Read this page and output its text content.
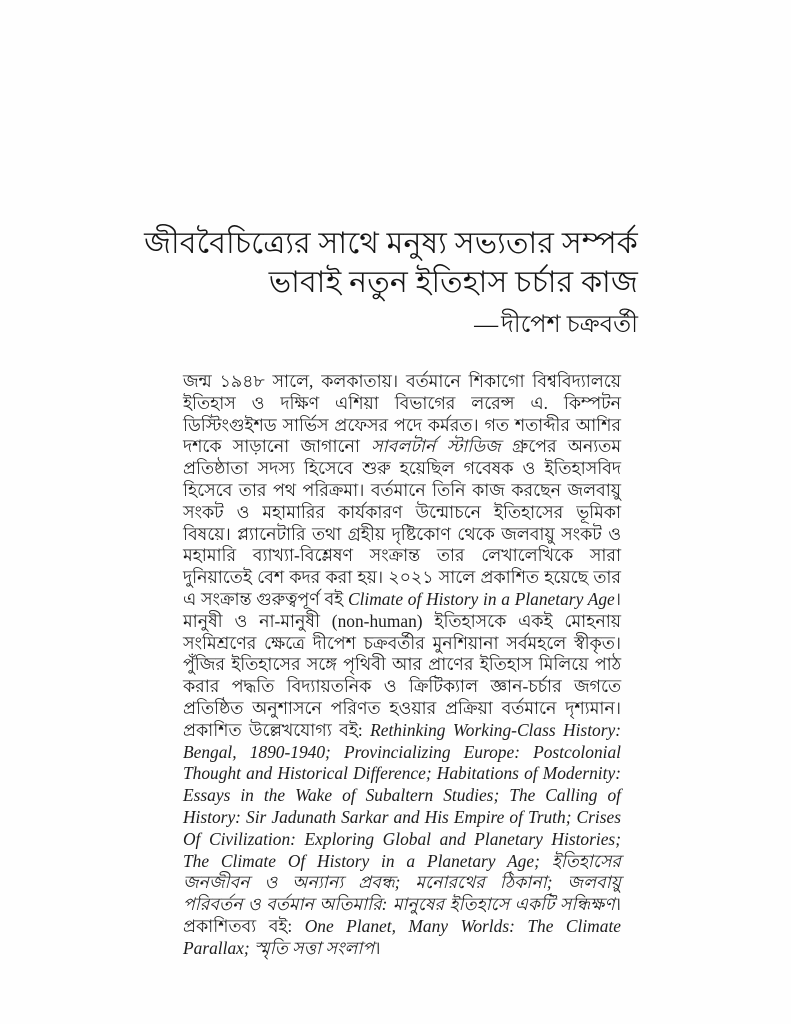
জীববৈচিত্র্যের সাথে মনুষ্য সভ্যতার সম্পর্ক
ভাবাই নতুন ইতিহাস চর্চার কাজ
— দীপেশ চক্রবর্তী
জন্ম ১৯৪৮ সালে, কলকাতায়। বর্তমানে শিকাগো বিশ্ববিদ্যালয়ে ইতিহাস ও দক্ষিণ এশিয়া বিভাগের লরেন্স এ. কিম্পটন ডিস্টিংগুইশড সার্ভিস প্রফেসর পদে কর্মরত। গত শতাব্দীর আশির দশকে সাড়ানো জাগানো সাবলটার্ন স্টাডিজ গ্রুপের অন্যতম প্রতিষ্ঠাতা সদস্য হিসেবে শুরু হয়েছিল গবেষক ও ইতিহাসবিদ হিসেবে তার পথ পরিক্রমা। বর্তমানে তিনি কাজ করছেন জলবায়ু সংকট ও মহামারির কার্যকারণ উন্মোচনে ইতিহাসের ভূমিকা বিষয়ে। প্ল্যানেটারি তথা গ্রহীয় দৃষ্টিকোণ থেকে জলবায়ু সংকট ও মহামারি ব্যাখ্যা-বিশ্লেষণ সংক্রান্ত তার লেখালেখিকে সারা দুনিয়াতেই বেশ কদর করা হয়। ২০২১ সালে প্রকাশিত হয়েছে তার এ সংক্রান্ত গুরুত্বপূর্ণ বই Climate of History in a Planetary Age। মানুষী ও না-মানুষী (non-human) ইতিহাসকে একই মোহনায় সংমিশ্রণের ক্ষেত্রে দীপেশ চক্রবর্তীর মুনশিয়ানা সর্বমহলে স্বীকৃত। পুঁজির ইতিহাসের সঙ্গে পৃথিবী আর প্রাণের ইতিহাস মিলিয়ে পাঠ করার পদ্ধতি বিদ্যায়তনিক ও ক্রিটিক্যাল জ্ঞান-চর্চার জগতে প্রতিষ্ঠিত অনুশাসনে পরিণত হওয়ার প্রক্রিয়া বর্তমানে দৃশ্যমান। প্রকাশিত উল্লেখযোগ্য বই: Rethinking Working-Class History: Bengal, 1890-1940; Provincializing Europe: Postcolonial Thought and Historical Difference; Habitations of Modernity: Essays in the Wake of Subaltern Studies; The Calling of History: Sir Jadunath Sarkar and His Empire of Truth; Crises Of Civilization: Exploring Global and Planetary Histories; The Climate Of History in a Planetary Age; ইতিহাসের জনজীবন ও অন্যান্য প্রবন্ধ; মনোরথের ঠিকানা; জলবায়ু পরিবর্তন ও বর্তমান অতিমারি: মানুষের ইতিহাসে একটি সন্ধিক্ষণ। প্রকাশিতব্য বই: One Planet, Many Worlds: The Climate Parallax; স্মৃতি সত্তা সংলাপ।
